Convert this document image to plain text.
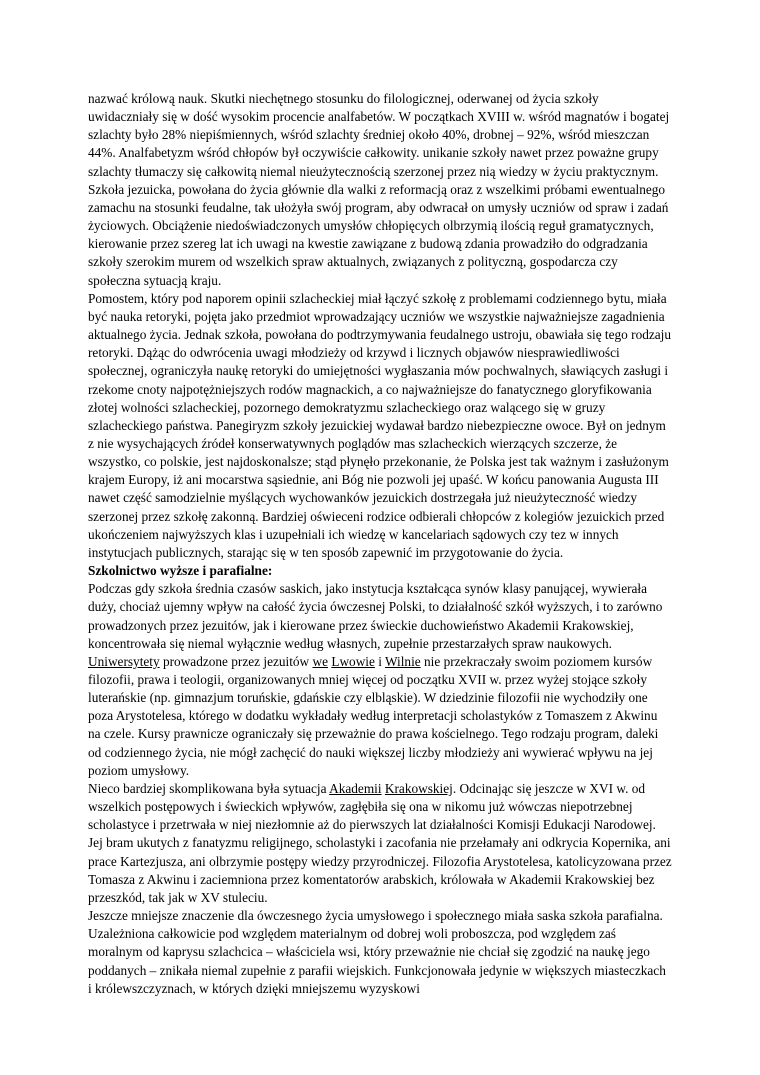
nazwać królową nauk. Skutki niechętnego stosunku do filologicznej, oderwanej od życia szkoły uwidaczniały się w dość wysokim procencie analfabetów. W początkach XVIII w. wśród magnatów i bogatej szlachty było 28% niepiśmiennych, wśród szlachty średniej około 40%, drobnej – 92%, wśród mieszczan 44%. Analfabetyzm wśród chłopów był oczywiście całkowity. unikanie szkoły nawet przez poważne grupy szlachty tłumaczy się całkowitą niemal nieużytecznością szerzonej przez nią wiedzy w życiu praktycznym. Szkoła jezuicka, powołana do życia głównie dla walki z reformacją oraz z wszelkimi próbami ewentualnego zamachu na stosunki feudalne, tak ułożyła swój program, aby odwracał on umysły uczniów od spraw i zadań życiowych. Obciążenie niedoświadczonych umysłów chłopięcych olbrzymią ilością reguł gramatycznych, kierowanie przez szereg lat ich uwagi na kwestie zawiązane z budową zdania prowadziło do odgradzania szkoły szerokim murem od wszelkich spraw aktualnych, związanych z polityczną, gospodarcza czy społeczna sytuacją kraju.

Pomostem, który pod naporem opinii szlacheckiej miał łączyć szkołę z problemami codziennego bytu, miała być nauka retoryki, pojęta jako przedmiot wprowadzający uczniów we wszystkie najważniejsze zagadnienia aktualnego życia. Jednak szkoła, powołana do podtrzymywania feudalnego ustroju, obawiała się tego rodzaju retoryki. Dążąc do odwrócenia uwagi młodzieży od krzywd i licznych objawów niesprawiedliwości społecznej, ograniczyła naukę retoryki do umiejętności wygłaszania mów pochwalnych, sławiących zasługi i rzekome cnoty najpotężniejszych rodów magnackich, a co najważniejsze do fanatycznego gloryfikowania złotej wolności szlacheckiej, pozornego demokratyzmu szlacheckiego oraz walącego się w gruzy szlacheckiego państwa. Panegiryzm szkoły jezuickiej wydawał bardzo niebezpieczne owoce. Był on jednym z nie wysychających źródeł konserwatywnych poglądów mas szlacheckich wierzących szczerze, że wszystko, co polskie, jest najdoskonalsze; stąd płynęło przekonanie, że Polska jest tak ważnym i zasłużonym krajem Europy, iż ani mocarstwa sąsiednie, ani Bóg nie pozwoli jej upaść. W końcu panowania Augusta III nawet część samodzielnie myślących wychowanków jezuickich dostrzegała już nieużyteczność wiedzy szerzonej przez szkołę zakonną. Bardziej oświeceni rodzice odbierali chłopców z kolegiów jezuickich przed ukończeniem najwyższych klas i uzupełniali ich wiedzę w kancelariach sądowych czy tez w innych instytucjach publicznych, starając się w ten sposób zapewnić im przygotowanie do życia.

Szkolnictwo wyższe i parafialne:

Podczas gdy szkoła średnia czasów saskich, jako instytucja kształcąca synów klasy panującej, wywierała duży, chociaż ujemny wpływ na całość życia ówczesnej Polski, to działalność szkół wyższych, i to zarówno prowadzonych przez jezuitów, jak i kierowane przez świeckie duchowieństwo Akademii Krakowskiej, koncentrowała się niemal wyłącznie według własnych, zupełnie przestarzałych spraw naukowych. Uniwersytety prowadzone przez jezuitów we Lwowie i Wilnie nie przekraczały swoim poziomem kursów filozofii, prawa i teologii, organizowanych mniej więcej od początku XVII w. przez wyżej stojące szkoły luterańskie (np. gimnazjum toruńskie, gdańskie czy elbląskie). W dziedzinie filozofii nie wychodziły one poza Arystotelesa, którego w dodatku wykładały według interpretacji scholastyków z Tomaszem z Akwinu na czele. Kursy prawnicze ograniczały się przeważnie do prawa kościelnego. Tego rodzaju program, daleki od codziennego życia, nie mógł zachęcić do nauki większej liczby młodzieży ani wywierać wpływu na jej poziom umysłowy.

Nieco bardziej skomplikowana była sytuacja Akademii Krakowskiej. Odcinając się jeszcze w XVI w. od wszelkich postępowych i świeckich wpływów, zagłębiła się ona w nikomu już wówczas niepotrzebnej scholastyce i przetrwała w niej niezłomnie aż do pierwszych lat działalności Komisji Edukacji Narodowej. Jej bram ukutych z fanatyzmu religijnego, scholastyki i zacofania nie przełamały ani odkrycia Kopernika, ani prace Kartezjusza, ani olbrzymie postępy wiedzy przyrodniczej. Filozofia Arystotelesa, katolicyzowana przez Tomasza z Akwinu i zaciemniona przez komentatorów arabskich, królowała w Akademii Krakowskiej bez przeszkód, tak jak w XV stuleciu.

Jeszcze mniejsze znaczenie dla ówczesnego życia umysłowego i społecznego miała saska szkoła parafialna. Uzależniona całkowicie pod względem materialnym od dobrej woli proboszcza, pod względem zaś moralnym od kaprysu szlachcica – właściciela wsi, który przeważnie nie chciał się zgodzić na naukę jego poddanych – znikała niemal zupełnie z parafii wiejskich. Funkcjonowała jedynie w większych miasteczkach i królewszczyznach, w których dzięki mniejszemu wyzyskowi
